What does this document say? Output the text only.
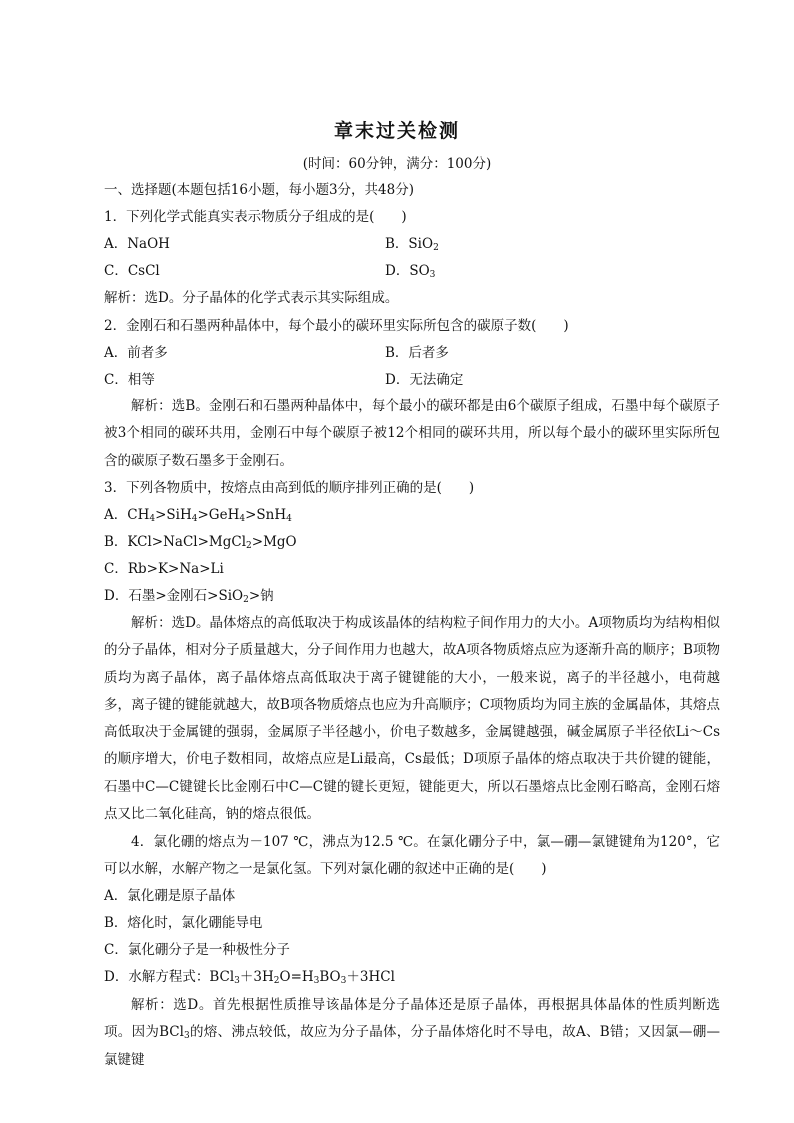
章末过关检测
(时间：60分钟，满分：100分)
一、选择题(本题包括16小题，每小题3分，共48分)
1．下列化学式能真实表示物质分子组成的是(　　)
A．NaOH	B．SiO$_2$
C．CsCl	D．$SO_3$
解析：选D。分子晶体的化学式表示其实际组成。
2．金刚石和石墨两种晶体中，每个最小的碳环里实际所包含的碳原子数(　　)
A．前者多	B．后者多
C．相等	D．无法确定
解析：选B。金刚石和石墨两种晶体中，每个最小的碳环都是由6个碳原子组成，石墨中每个碳原子被3个相同的碳环共用，金刚石中每个碳原子被12个相同的碳环共用，所以每个最小的碳环里实际所包含的碳原子数石墨多于金刚石。
3．下列各物质中，按熔点由高到低的顺序排列正确的是(　　)
A．$CH_4>SiH_4>GeH_4>SnH_4$
B．KCl>NaCl>MgCl$_2$>MgO
C．Rb>K>Na>Li
D．石墨>金刚石>SiO$_2$>钠
解析：选D。晶体熔点的高低取决于构成该晶体的结构粒子间作用力的大小。A项物质均为结构相似的分子晶体，相对分子质量越大，分子间作用力也越大，故A项各物质熔点应为逐渐升高的顺序；B项物质均为离子晶体，离子晶体熔点高低取决于离子键键能的大小，一般来说，离子的半径越小，电荷越多，离子键的键能就越大，故B项各物质熔点也应为升高顺序；C项物质均为同主族的金属晶体，其熔点高低取决于金属键的强弱，金属原子半径越小，价电子数越多，金属键越强，碱金属原子半径依Li～Cs的顺序增大，价电子数相同，故熔点应是Li最高，Cs最低；D项原子晶体的熔点取决于共价键的键能，石墨中C—C键键长比金刚石中C—C键的键长更短，键能更大，所以石墨熔点比金刚石略高，金刚石熔点又比二氧化硅高，钠的熔点很低。
4．氯化硼的熔点为－107 ℃，沸点为12.5 ℃。在氯化硼分子中，氯—硼—氯键键角为120°，它可以水解，水解产物之一是氯化氢。下列对氯化硼的叙述中正确的是(　　)
A．氯化硼是原子晶体
B．熔化时，氯化硼能导电
C．氯化硼分子是一种极性分子
D．水解方程式：$BCl_3+3H_2O=H_3BO_3+3HCl$
解析：选D。首先根据性质推导该晶体是分子晶体还是原子晶体，再根据具体晶体的性质判断选项。因为BCl$_3$的熔、沸点较低，故应为分子晶体，分子晶体熔化时不导电，故A、B错；又因氯—硼—氯键键
